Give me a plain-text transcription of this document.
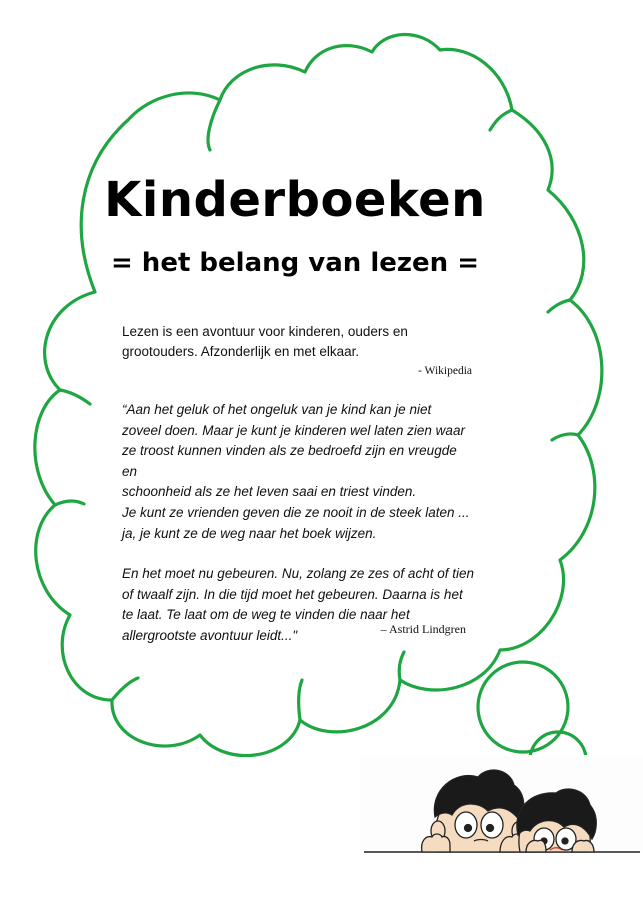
Kinderboeken
= het belang van lezen =
Lezen is een avontuur voor kinderen, ouders en
grootouders. Afzonderlijk en met elkaar.
- Wikipedia

“Aan het geluk of het ongeluk van je kind kan je niet
zoveel doen. Maar je kunt je kinderen wel laten zien waar
ze troost kunnen vinden als ze bedroefd zijn en vreugde en
schoonheid als ze het leven saai en triest vinden.
Je kunt ze vrienden geven die ze nooit in de steek laten ...
ja, je kunt ze de weg naar het boek wijzen.

En het moet nu gebeuren. Nu, zolang ze zes of acht of tien
of twaalf zijn. In die tijd moet het gebeuren. Daarna is het
te laat. Te laat om de weg te vinden die naar het
allergrootste avontuur leidt..."	– Astrid Lindgren
